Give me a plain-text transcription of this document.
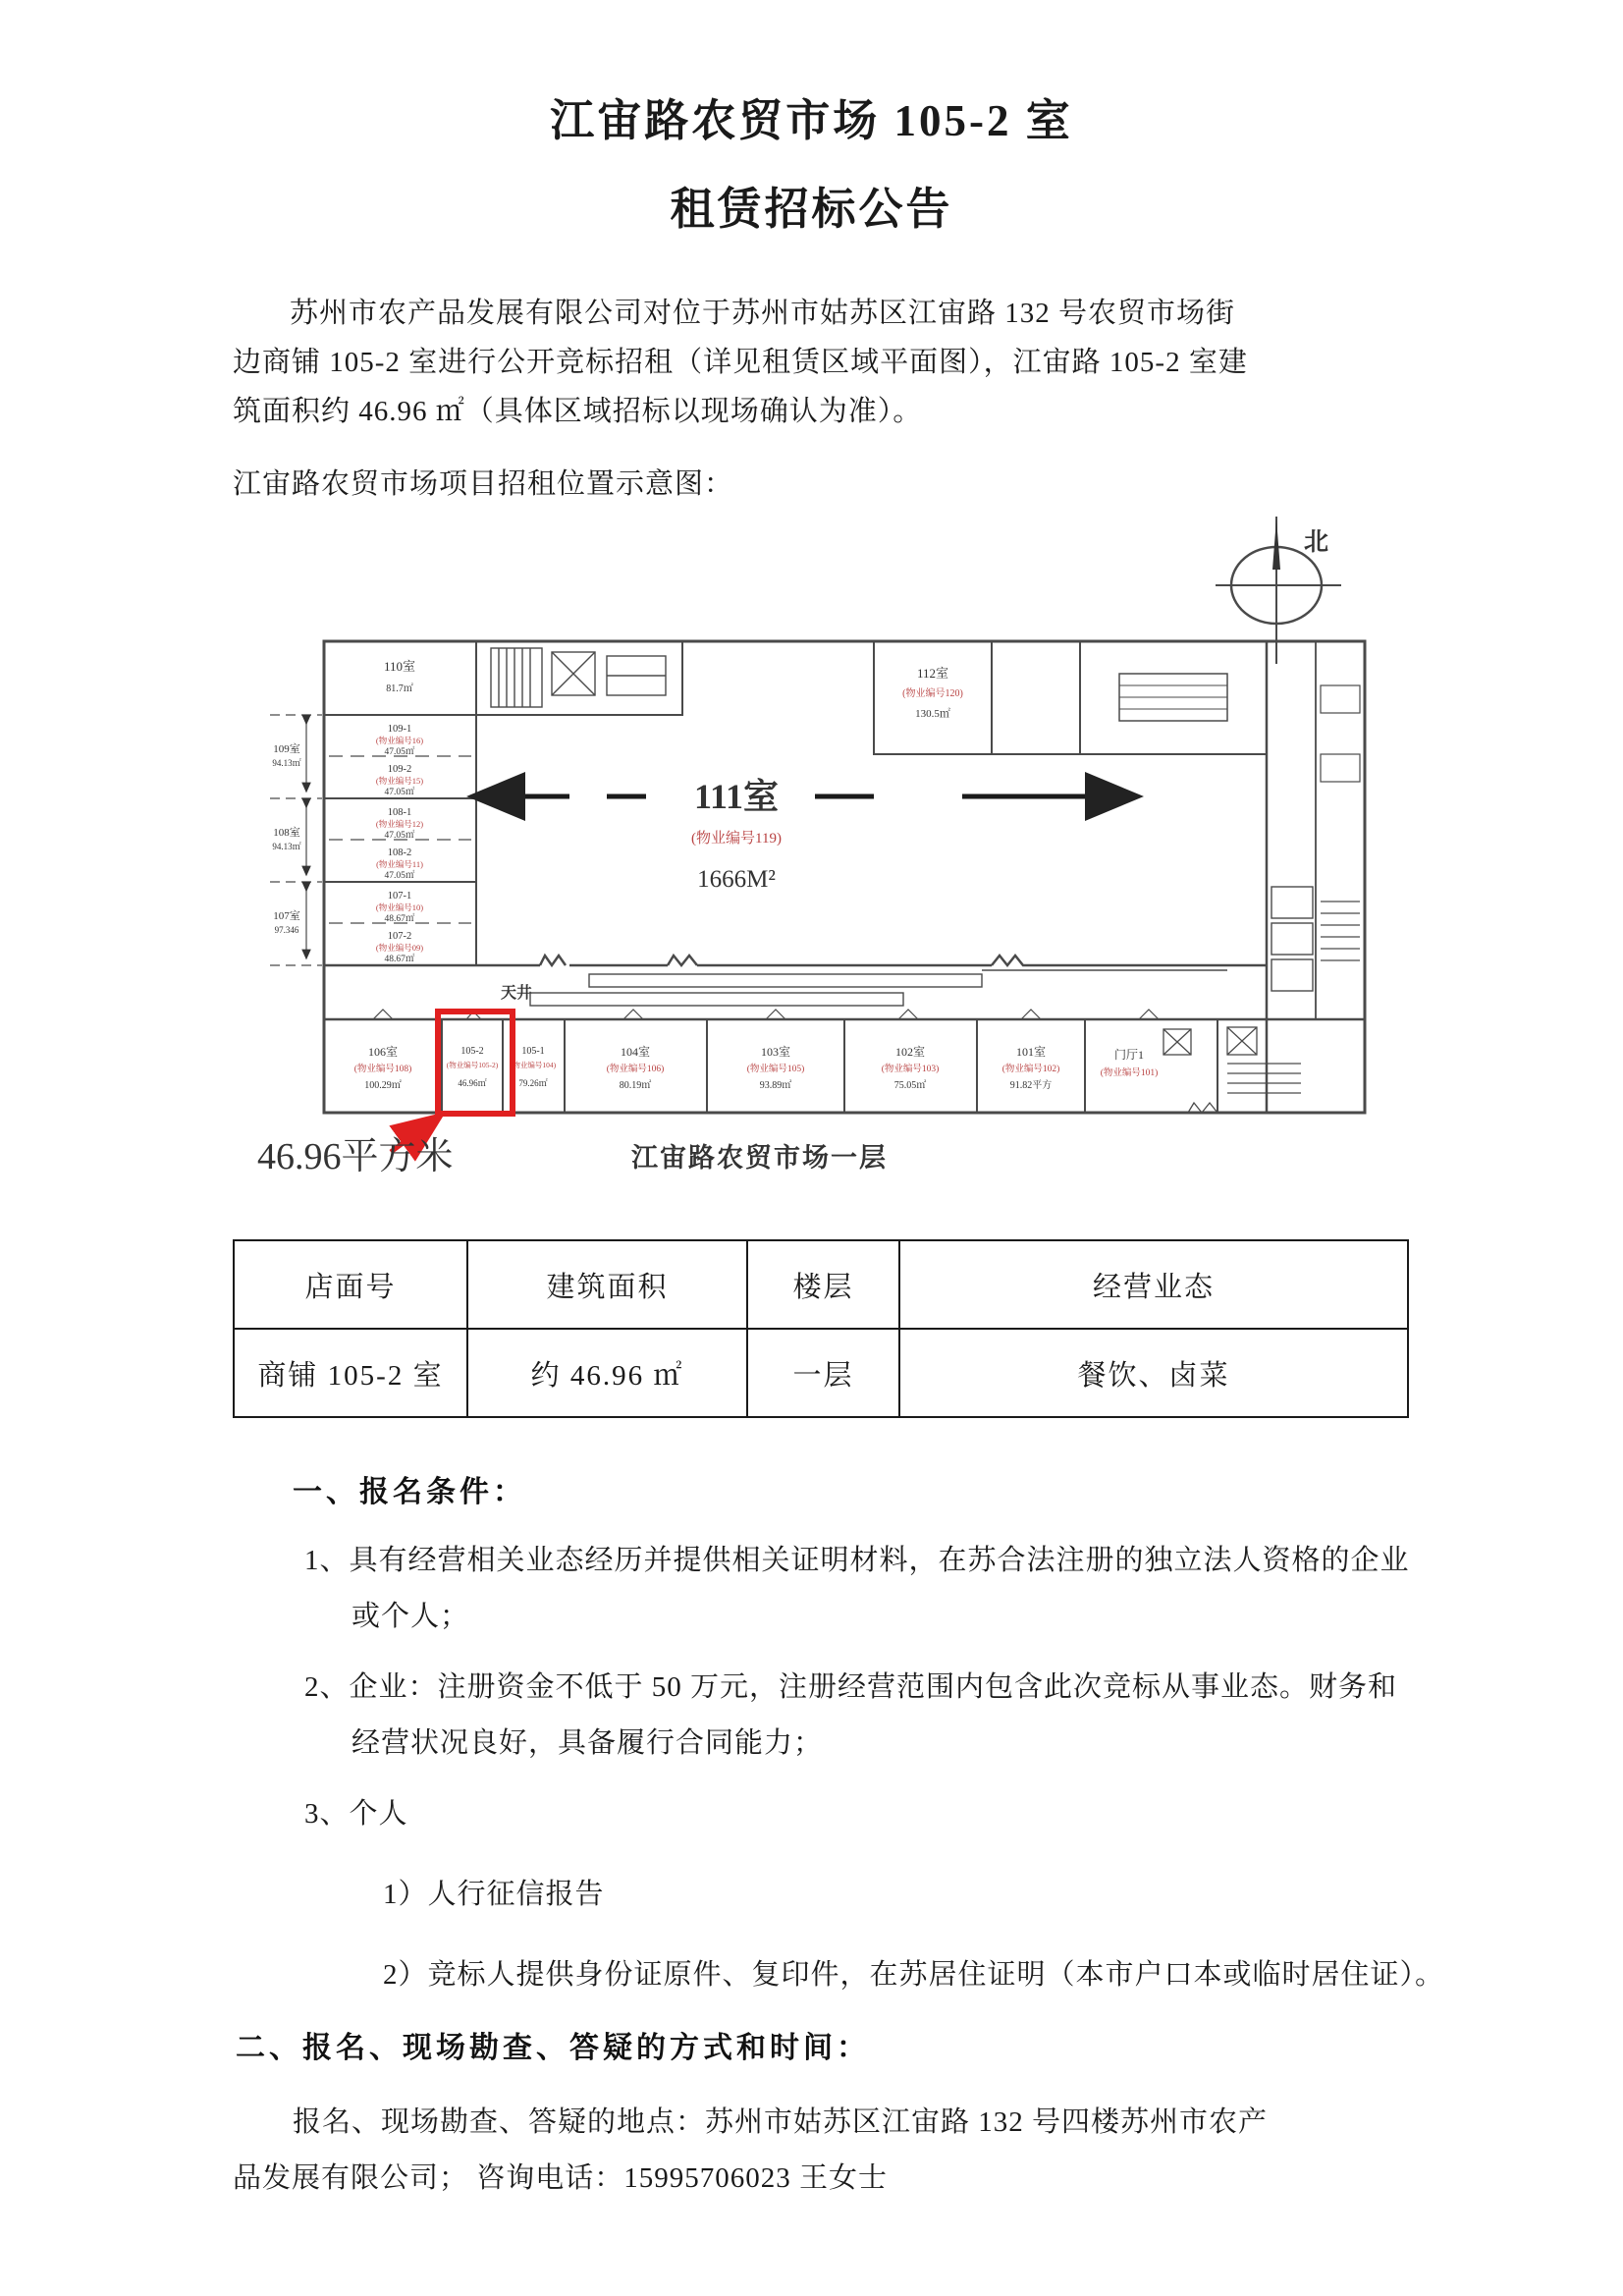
江宙路农贸市场 105-2 室
租赁招标公告
苏州市农产品发展有限公司对位于苏州市姑苏区江宙路 132 号农贸市场街
边商铺 105-2 室进行公开竞标招租（详见租赁区域平面图），江宙路 105-2 室建
筑面积约 46.96 ㎡（具体区域招标以现场确认为准）。
江宙路农贸市场项目招租位置示意图：
北
110室
81.7㎡
112室
(物业编号120)
130.5㎡
109-1
(物业编号16)
47.05㎡
109-2
(物业编号15)
47.05㎡
108-1
(物业编号12)
47.05㎡
108-2
(物业编号11)
47.05㎡
107-1
(物业编号10)
48.67㎡
107-2
(物业编号09)
48.67㎡
109室
94.13㎡
108室
94.13㎡
107室
97.346
111室
(物业编号119)
1666M²
天井
106室
(物业编号108)
100.29㎡
105-2
(物业编号105-2)
46.96㎡
105-1
(物业编号104)
79.26㎡
104室
(物业编号106)
80.19㎡
103室
(物业编号105)
93.89㎡
102室
(物业编号103)
75.05㎡
101室
(物业编号102)
91.82平方
门厅1
(物业编号101)
46.96平方米	江宙路农贸市场一层
店面号	建筑面积	楼层	经营业态
商铺 105-2 室	约 46.96 ㎡	一层	餐饮、卤菜
一、报名条件：
1、具有经营相关业态经历并提供相关证明材料，在苏合法注册的独立法人资格的企业
或个人；
2、企业：注册资金不低于 50 万元，注册经营范围内包含此次竞标从事业态。财务和
经营状况良好，具备履行合同能力；
3、个人
1）人行征信报告
2）竞标人提供身份证原件、复印件，在苏居住证明（本市户口本或临时居住证）。
二、报名、现场勘查、答疑的方式和时间：
报名、现场勘查、答疑的地点：苏州市姑苏区江宙路 132 号四楼苏州市农产
品发展有限公司； 咨询电话：15995706023 王女士
